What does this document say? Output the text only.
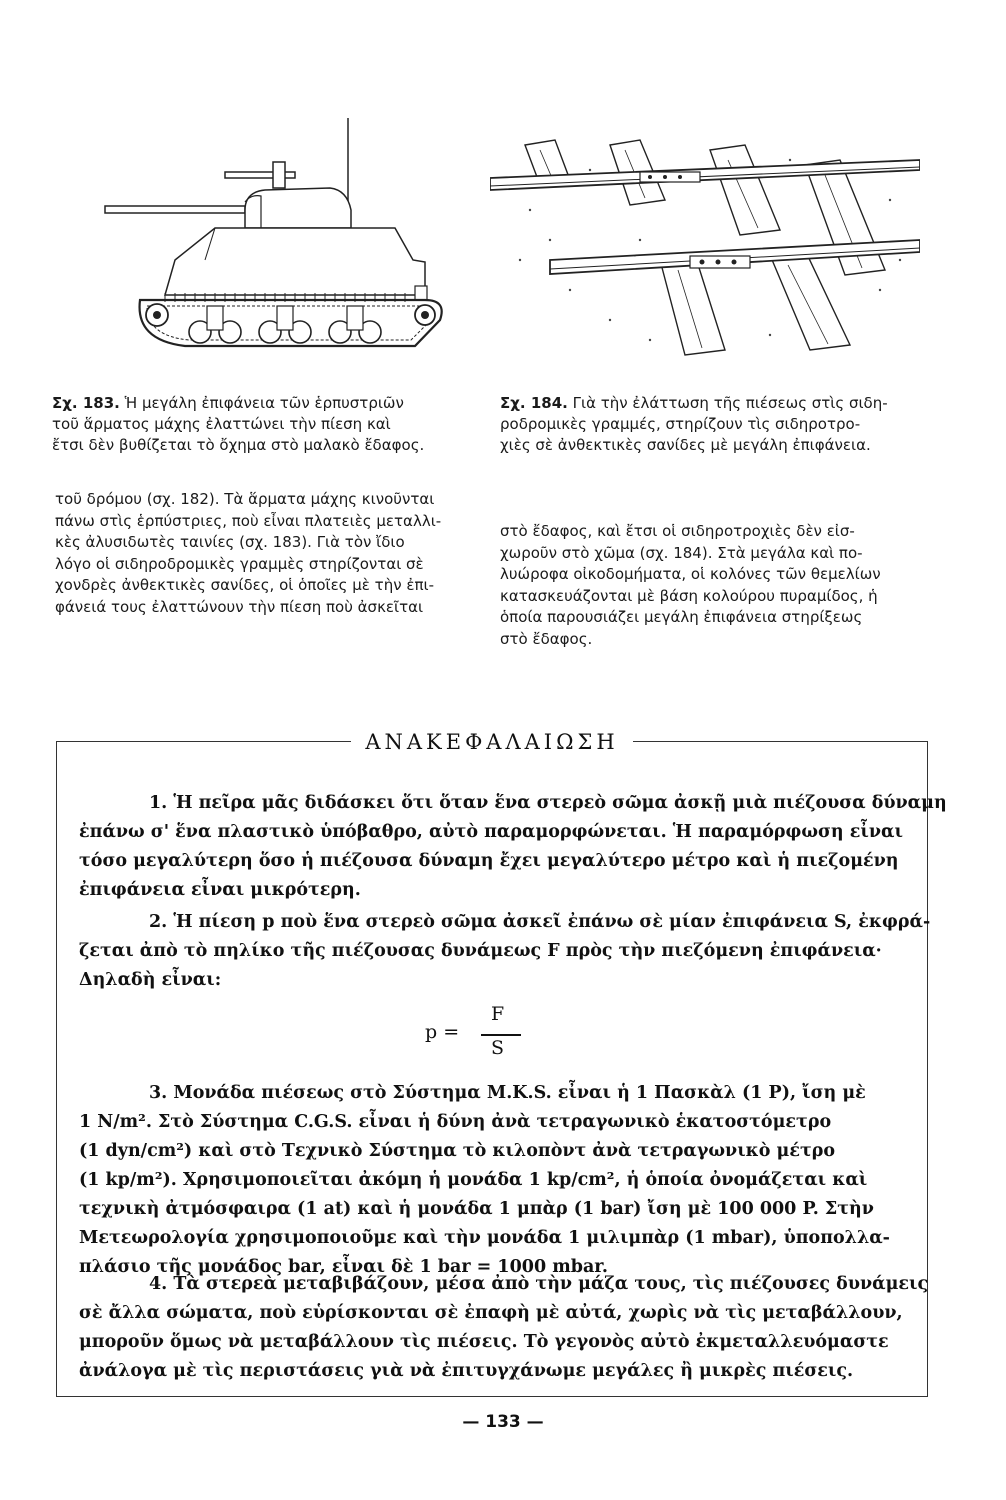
Σχ. 183. Ἡ μεγάλη ἐπιφάνεια τῶν ἑρπυστριῶν
τοῦ ἅρματος μάχης ἐλαττώνει τὴν πίεση καὶ
ἔτσι δὲν βυθίζεται τὸ ὄχημα στὸ μαλακὸ ἔδαφος.
Σχ. 184. Γιὰ τὴν ἐλάττωση τῆς πιέσεως στὶς σιδη-
ροδρομικὲς γραμμές, στηρίζουν τὶς σιδηροτρο-
χιὲς σὲ ἀνθεκτικὲς σανίδες μὲ μεγάλη ἐπιφάνεια.
τοῦ δρόμου (σχ. 182). Τὰ ἅρματα μάχης κινοῦνται
πάνω στὶς ἑρπύστριες, ποὺ εἶναι πλατειὲς μεταλλι-
κὲς ἀλυσιδωτὲς ταινίες (σχ. 183). Γιὰ τὸν ἴδιο
λόγο οἱ σιδηροδρομικὲς γραμμὲς στηρίζονται σὲ
χονδρὲς ἀνθεκτικὲς σανίδες, οἱ ὁποῖες μὲ τὴν ἐπι-
φάνειά τους ἐλαττώνουν τὴν πίεση ποὺ ἀσκεῖται
στὸ ἔδαφος, καὶ ἔτσι οἱ σιδηροτροχιὲς δὲν εἰσ-
χωροῦν στὸ χῶμα (σχ. 184). Στὰ μεγάλα καὶ πο-
λυώροφα οἰκοδομήματα, οἱ κολόνες τῶν θεμελίων
κατασκευάζονται μὲ βάση κολούρου πυραμίδος, ἡ
ὁποία παρουσιάζει μεγάλη ἐπιφάνεια στηρίξεως
στὸ ἔδαφος.
ΑΝΑΚΕΦΑΛΑΙΩΣΗ
1. Ἡ πεῖρα μᾶς διδάσκει ὅτι ὅταν ἕνα στερεὸ σῶμα ἀσκῇ μιὰ πιέζουσα δύναμη
ἐπάνω σ' ἕνα πλαστικὸ ὑπόβαθρο, αὐτὸ παραμορφώνεται. Ἡ παραμόρφωση εἶναι
τόσο μεγαλύτερη ὅσο ἡ πιέζουσα δύναμη ἔχει μεγαλύτερο μέτρο καὶ ἡ πιεζομένη
ἐπιφάνεια εἶναι μικρότερη.
2. Ἡ πίεση p ποὺ ἕνα στερεὸ σῶμα ἀσκεῖ ἐπάνω σὲ μίαν ἐπιφάνεια S, ἐκφρά-
ζεται ἀπὸ τὸ πηλίκο τῆς πιέζουσας δυνάμεως F πρὸς τὴν πιεζόμενη ἐπιφάνεια·
Δηλαδὴ εἶναι:
p =
F
S
3. Μονάδα πιέσεως στὸ Σύστημα M.K.S. εἶναι ἡ 1 Πασκὰλ (1 P), ἴση μὲ
1 N/m². Στὸ Σύστημα C.G.S. εἶναι ἡ δύνη ἀνὰ τετραγωνικὸ ἑκατοστόμετρο
(1 dyn/cm²) καὶ στὸ Τεχνικὸ Σύστημα τὸ κιλοπὸντ ἀνὰ τετραγωνικὸ μέτρο
(1 kp/m²). Χρησιμοποιεῖται ἀκόμη ἡ μονάδα 1 kp/cm², ἡ ὁποία ὀνομάζεται καὶ
τεχνικὴ ἀτμόσφαιρα (1 at) καὶ ἡ μονάδα 1 μπὰρ (1 bar) ἴση μὲ 100 000 P. Στὴν
Μετεωρολογία χρησιμοποιοῦμε καὶ τὴν μονάδα 1 μιλιμπὰρ (1 mbar), ὑποπολλα-
πλάσιο τῆς μονάδος bar, εἶναι δὲ 1 bar = 1000 mbar.
4. Τὰ στερεὰ μεταβιβάζουν, μέσα ἀπὸ τὴν μάζα τους, τὶς πιέζουσες δυνάμεις
σὲ ἄλλα σώματα, ποὺ εὑρίσκονται σὲ ἐπαφὴ μὲ αὐτά, χωρὶς νὰ τὶς μεταβάλλουν,
μποροῦν ὅμως νὰ μεταβάλλουν τὶς πιέσεις. Τὸ γεγονὸς αὐτὸ ἐκμεταλλευόμαστε
ἀνάλογα μὲ τὶς περιστάσεις γιὰ νὰ ἐπιτυγχάνωμε μεγάλες ἢ μικρὲς πιέσεις.
— 133 —
